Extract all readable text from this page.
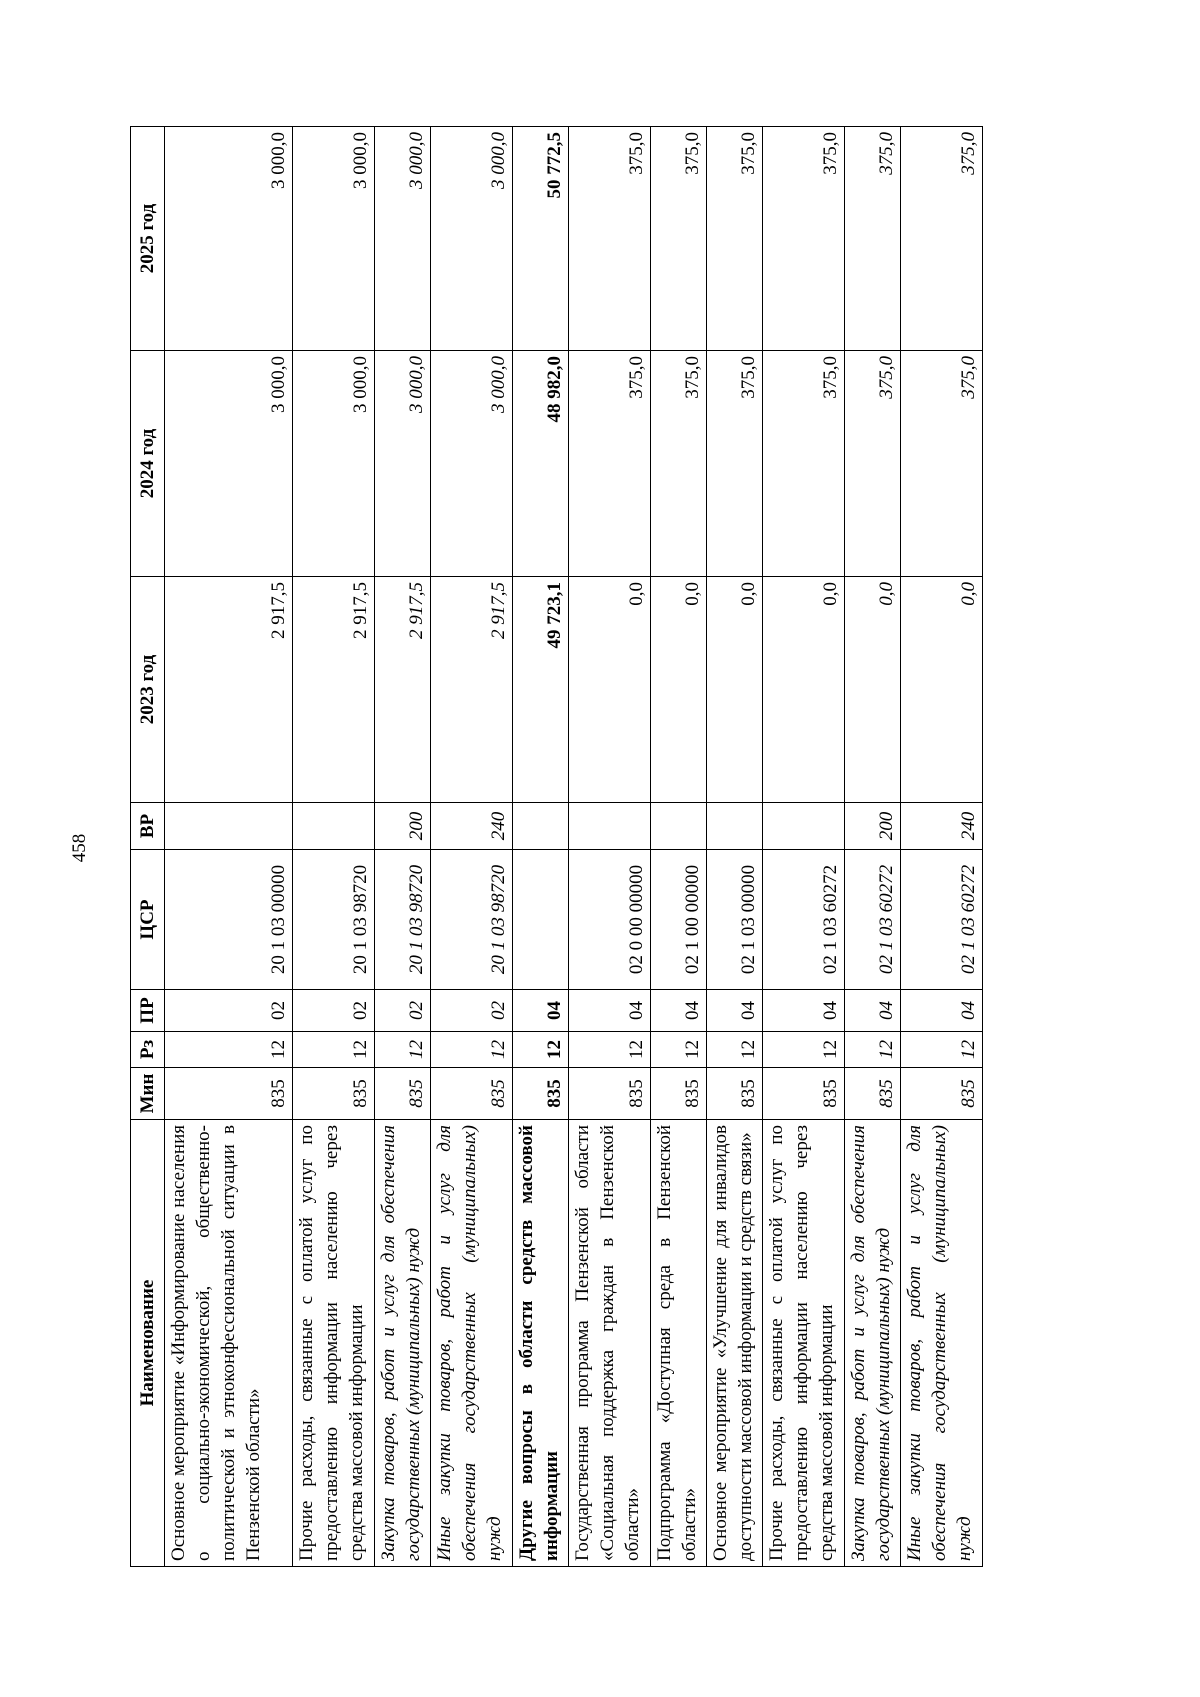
458
Наименование	Мин	Рз	ПР	ЦСР	ВР	2023 год	2024 год	2025 год
Основное мероприятие «Информирование населения о социально-экономической, общественно-политической и этноконфессиональной ситуации в Пензенской области»	835	12	02	20 1 03 00000		2 917,5	3 000,0	3 000,0
Прочие расходы, связанные с оплатой услуг по предоставлению информации населению через средства массовой информации	835	12	02	20 1 03 98720		2 917,5	3 000,0	3 000,0
Закупка товаров, работ и услуг для обеспечения государственных (муниципальных) нужд	835	12	02	20 1 03 98720	200	2 917,5	3 000,0	3 000,0
Иные закупки товаров, работ и услуг для обеспечения государственных (муниципальных) нужд	835	12	02	20 1 03 98720	240	2 917,5	3 000,0	3 000,0
Другие вопросы в области средств массовой информации	835	12	04			49 723,1	48 982,0	50 772,5
Государственная программа Пензенской области «Социальная поддержка граждан в Пензенской области»	835	12	04	02 0 00 00000		0,0	375,0	375,0
Подпрограмма «Доступная среда в Пензенской области»	835	12	04	02 1 00 00000		0,0	375,0	375,0
Основное мероприятие «Улучшение для инвалидов доступности массовой информации и средств связи»	835	12	04	02 1 03 00000		0,0	375,0	375,0
Прочие расходы, связанные с оплатой услуг по предоставлению информации населению через средства массовой информации	835	12	04	02 1 03 60272		0,0	375,0	375,0
Закупка товаров, работ и услуг для обеспечения государственных (муниципальных) нужд	835	12	04	02 1 03 60272	200	0,0	375,0	375,0
Иные закупки товаров, работ и услуг для обеспечения государственных (муниципальных) нужд	835	12	04	02 1 03 60272	240	0,0	375,0	375,0
